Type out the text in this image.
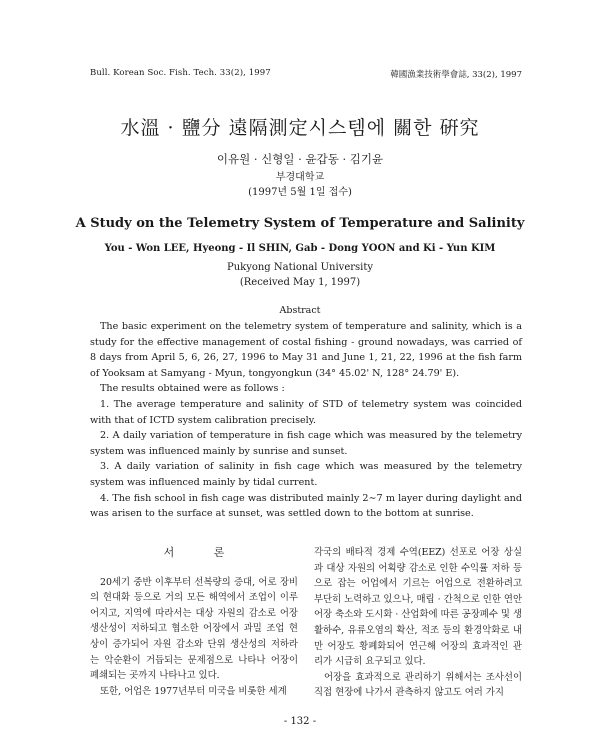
Bull. Korean Soc. Fish. Tech. 33(2), 1997	韓國漁業技術學會誌, 33(2), 1997
水溫 · 鹽分 遠隔測定시스템에 關한 硏究
이유원 · 신형일 · 윤갑동 · 김기윤
부경대학교
(1997년 5월 1일 접수)
A Study on the Telemetry System of Temperature and Salinity
You - Won LEE, Hyeong - Il SHIN, Gab - Dong YOON and Ki - Yun KIM
Pukyong National University
(Received May 1, 1997)
Abstract

The basic experiment on the telemetry system of temperature and salinity, which is a study for the effective management of costal fishing - ground nowadays, was carried of 8 days from April 5, 6, 26, 27, 1996 to May 31 and June 1, 21, 22, 1996 at the fish farm of Yooksam at Samyang - Myun, tongyongkun (34° 45.02' N, 128° 24.79' E).

The results obtained were as follows :

1. The average temperature and salinity of STD of telemetry system was coincided with that of ICTD system calibration precisely.

2. A daily variation of temperature in fish cage which was measured by the telemetry system was influenced mainly by sunrise and sunset.

3. A daily variation of salinity in fish cage which was measured by the telemetry system was influenced mainly by tidal current.

4. The fish school in fish cage was distributed mainly 2∼7 m layer during daylight and was arisen to the surface at sunset, was settled down to the bottom at sunrise.

서 론

20세기 중반 이후부터 선복량의 증대, 어로 장비의 현대화 등으로 거의 모든 해역에서 조업이 이루어지고, 지역에 따라서는 대상 자원의 감소로 어장 생산성이 저하되고 협소한 어장에서 과밀 조업 현상이 증가되어 자원 감소와 단위 생산성의 저하라는 악순환이 거듭되는 문제점으로 나타나 어장이 폐쇄되는 곳까지 나타나고 있다.

또한, 어업은 1977년부터 미국을 비롯한 세계

각국의 배타적 경제 수역(EEZ) 선포로 어장 상실과 대상 자원의 어획량 감소로 인한 수익률 저하 등으로 잡는 어업에서 기르는 어업으로 전환하려고 부단히 노력하고 있으나, 매립 · 간척으로 인한 연안 어장 축소와 도시화 · 산업화에 따른 공장폐수 및 생활하수, 유류오염의 확산, 적조 등의 환경악화로 내만 어장도 황폐화되어 연근해 어장의 효과적인 관리가 시급히 요구되고 있다.

어장을 효과적으로 관리하기 위해서는 조사선이 직접 현장에 나가서 관측하지 않고도 여러 가지

- 132 -
